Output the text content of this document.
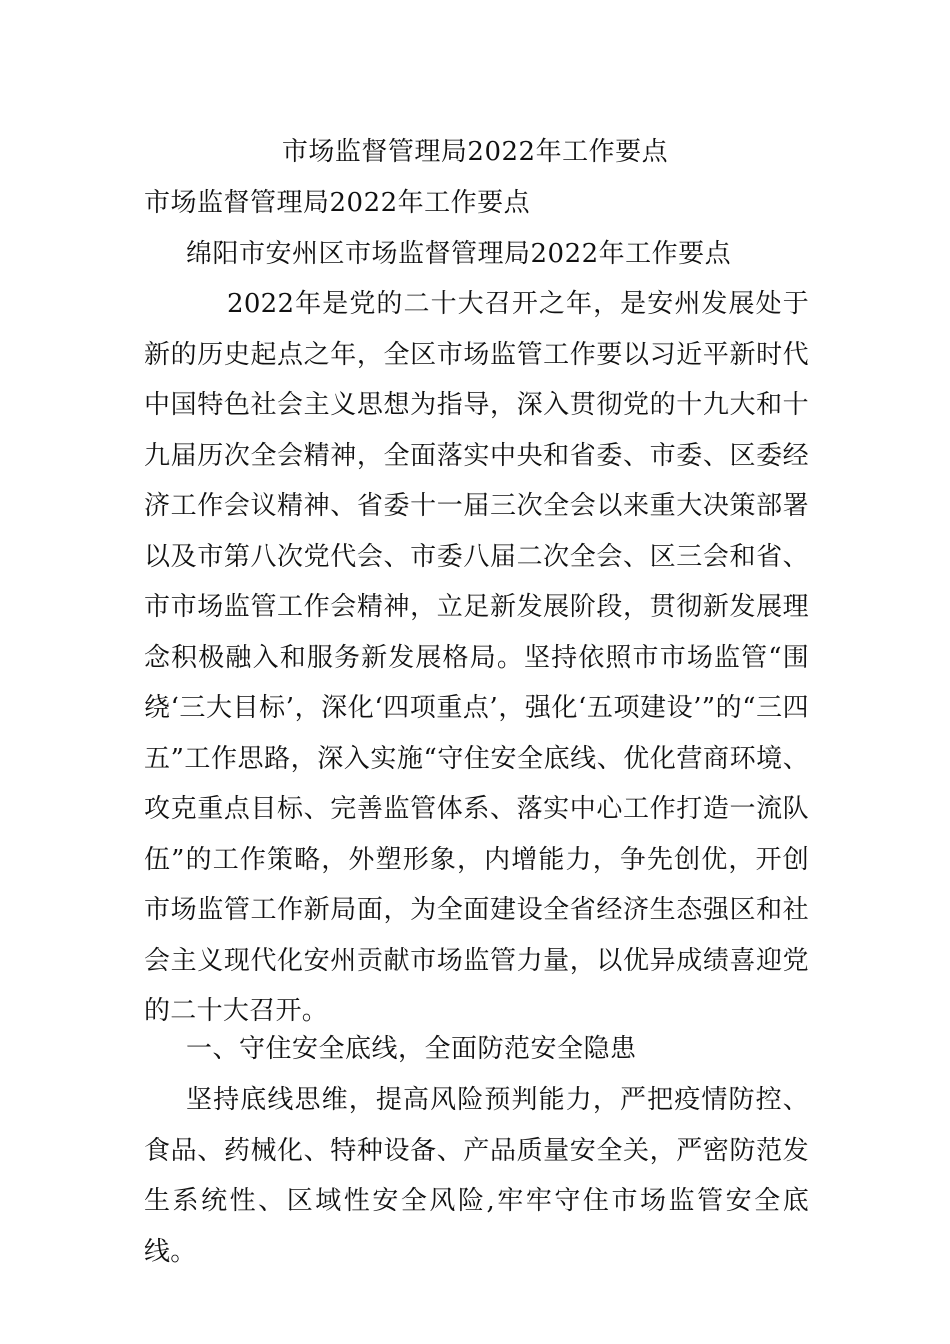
市场监督管理局2022年工作要点
市场监督管理局2022年工作要点
绵阳市安州区市场监督管理局2022年工作要点

2022年是党的二十大召开之年，是安州发展处于新的历史起点之年，全区市场监管工作要以习近平新时代中国特色社会主义思想为指导，深入贯彻党的十九大和十九届历次全会精神，全面落实中央和省委、市委、区委经济工作会议精神、省委十一届三次全会以来重大决策部署以及市第八次党代会、市委八届二次全会、区三会和省、市市场监管工作会精神，立足新发展阶段，贯彻新发展理念积极融入和服务新发展格局。坚持依照市市场监管“围绕‘三大目标’，深化‘四项重点’，强化‘五项建设’”的“三四五”工作思路，深入实施“守住安全底线、优化营商环境、攻克重点目标、完善监管体系、落实中心工作打造一流队伍”的工作策略，外塑形象，内增能力，争先创优，开创市场监管工作新局面，为全面建设全省经济生态强区和社会主义现代化安州贡献市场监管力量，以优异成绩喜迎党的二十大召开。

一、守住安全底线，全面防范安全隐患

坚持底线思维，提高风险预判能力，严把疫情防控、食品、药械化、特种设备、产品质量安全关，严密防范发生系统性、区域性安全风险,牢牢守住市场监管安全底线。
